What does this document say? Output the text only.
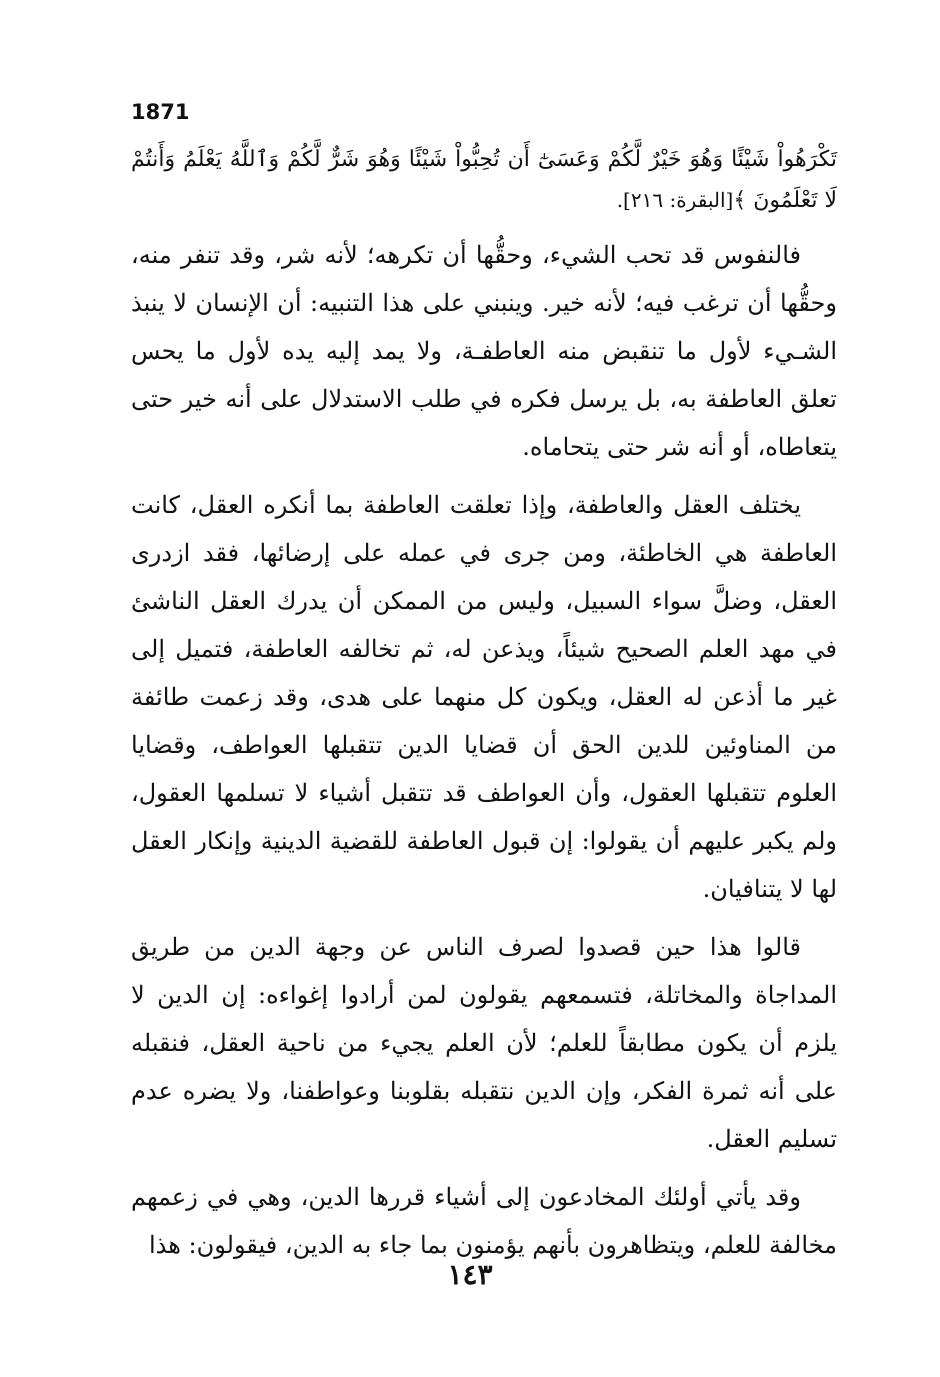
1871

تَكْرَهُواْ شَيْئًا وَهُوَ خَيْرٌ لَّكُمْ وَعَسَىٰٓ أَن تُحِبُّواْ شَيْئًا وَهُوَ شَرٌّ لَّكُمْ وَٱللَّهُ يَعْلَمُ وَأَنتُمْ لَا تَعْلَمُونَ ﴾[البقرة: ٢١٦].

فالنفوس قد تحب الشيء، وحقُّها أن تكرهه؛ لأنه شر، وقد تنفر منه، وحقُّها أن ترغب فيه؛ لأنه خير. وينبني على هذا التنبيه: أن الإنسان لا ينبذ الشـيء لأول ما تنقبض منه العاطفـة، ولا يمد إليه يده لأول ما يحس تعلق العاطفة به، بل يرسل فكره في طلب الاستدلال على أنه خير حتى يتعاطاه، أو أنه شر حتى يتحاماه.

يختلف العقل والعاطفة، وإذا تعلقت العاطفة بما أنكره العقل، كانت العاطفة هي الخاطئة، ومن جرى في عمله على إرضائها، فقد ازدرى العقل، وضلَّ سواء السبيل، وليس من الممكن أن يدرك العقل الناشئ في مهد العلم الصحيح شيئاً، ويذعن له، ثم تخالفه العاطفة، فتميل إلى غير ما أذعن له العقل، ويكون كل منهما على هدى، وقد زعمت طائفة من المناوئين للدين الحق أن قضايا الدين تتقبلها العواطف، وقضايا العلوم تتقبلها العقول، وأن العواطف قد تتقبل أشياء لا تسلمها العقول، ولم يكبر عليهم أن يقولوا: إن قبول العاطفة للقضية الدينية وإنكار العقل لها لا يتنافيان.

قالوا هذا حين قصدوا لصرف الناس عن وجهة الدين من طريق المداجاة والمخاتلة، فتسمعهم يقولون لمن أرادوا إغواءه: إن الدين لا يلزم أن يكون مطابقاً للعلم؛ لأن العلم يجيء من ناحية العقل، فنقبله على أنه ثمرة الفكر، وإن الدين نتقبله بقلوبنا وعواطفنا، ولا يضره عدم تسليم العقل.

وقد يأتي أولئك المخادعون إلى أشياء قررها الدين، وهي في زعمهم مخالفة للعلم، ويتظاهرون بأنهم يؤمنون بما جاء به الدين، فيقولون: هذا

١٤٣
